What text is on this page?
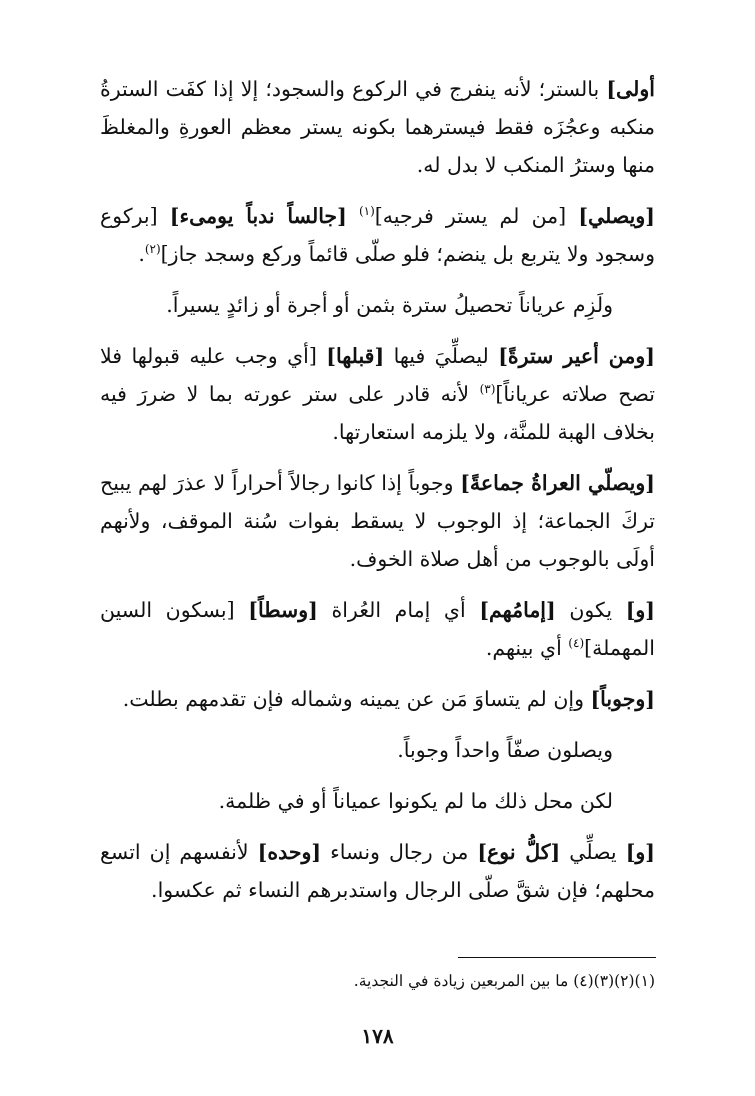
أولى] بالستر؛ لأنه ينفرج في الركوع والسجود؛ إلا إذا كفَت السترةُ منكبه وعجُزَه فقط فيسترهما بكونه يستر معظم العورةِ والمغلظَ منها وسترُ المنكب لا بدل له.

[ويصلي] [من لم يستر فرجيه]$^{(١)}$ [جالساً ندباً يومىء] [بركوع وسجود ولا يتربع بل ينضم؛ فلو صلّى قائماً وركع وسجد جاز]$^{(٢)}$.

ولَزِم عرياناً تحصيلُ سترة بثمن أو أجرة أو زائدٍ يسيراً.

[ومن أعير سترةً] ليصلِّيَ فيها [قبلها] [أي وجب عليه قبولها فلا تصح صلاته عرياناً]$^{(٣)}$ لأنه قادر على ستر عورته بما لا ضررَ فيه بخلاف الهبة للمنَّة، ولا يلزمه استعارتها.

[ويصلّي العراةُ جماعةً] وجوباً إذا كانوا رجالاً أحراراً لا عذرَ لهم يبيح تركَ الجماعة؛ إذ الوجوب لا يسقط بفوات سُنة الموقف، ولأنهم أولَى بالوجوب من أهل صلاة الخوف.

[و] يكون [إمامُهم] أي إمام العُراة [وسطاً] [بسكون السين المهملة]$^{(٤)}$ أي بينهم.

[وجوباً] وإن لم يتساوَ مَن عن يمينه وشماله فإن تقدمهم بطلت.

ويصلون صفّاً واحداً وجوباً.

لكن محل ذلك ما لم يكونوا عمياناً أو في ظلمة.

[و] يصلِّي [كلُّ نوع] من رجال ونساء [وحده] لأنفسهم إن اتسع محلهم؛ فإن شقَّ صلّى الرجال واستدبرهم النساء ثم عكسوا.

(١)(٢)(٣)(٤) ما بين المربعين زيادة في النجدية.
١٧٨
